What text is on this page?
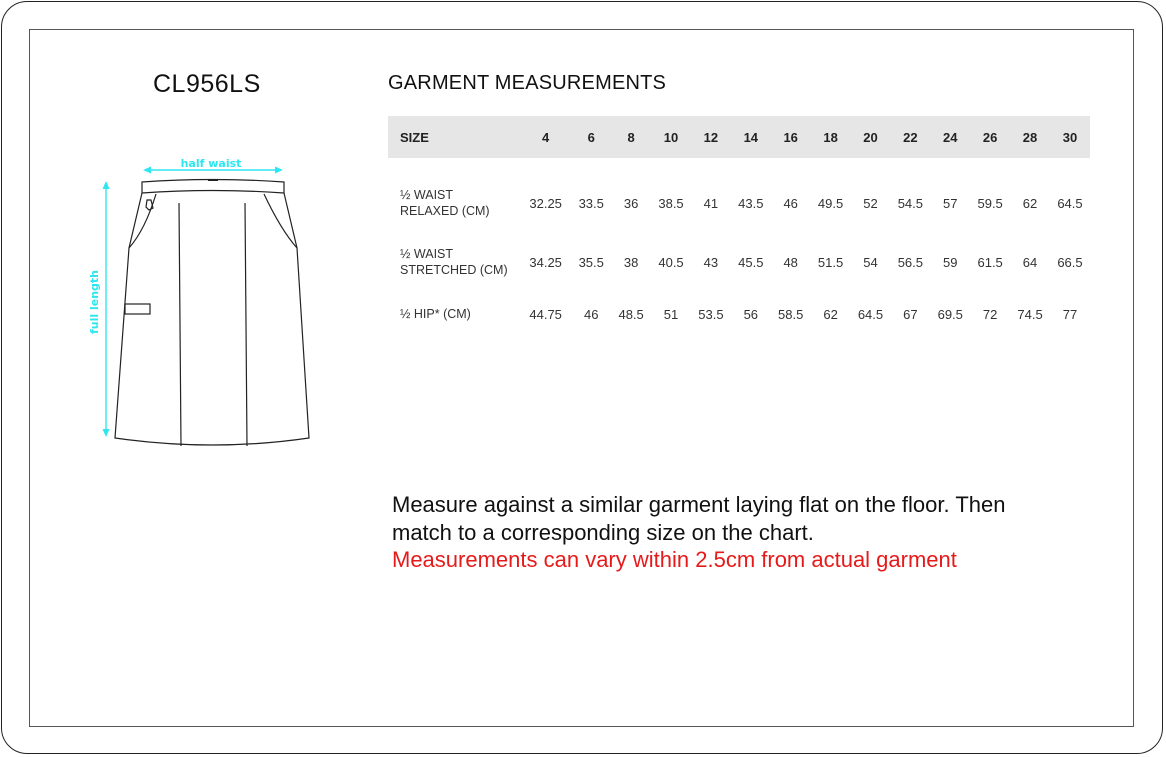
CL956LS	GARMENT MEASUREMENTS
half waist
full length
SIZE	4	6	8	10	12	14	16	18	20	22	24	26	28	30
½ WAIST
RELAXED (CM)	32.25	33.5	36	38.5	41	43.5	46	49.5	52	54.5	57	59.5	62	64.5
½ WAIST
STRETCHED (CM)	34.25	35.5	38	40.5	43	45.5	48	51.5	54	56.5	59	61.5	64	66.5
½ HIP* (CM)	44.75	46	48.5	51	53.5	56	58.5	62	64.5	67	69.5	72	74.5	77
Measure against a similar garment laying flat on the floor. Then
match to a corresponding size on the chart.
Measurements can vary within 2.5cm from actual garment
